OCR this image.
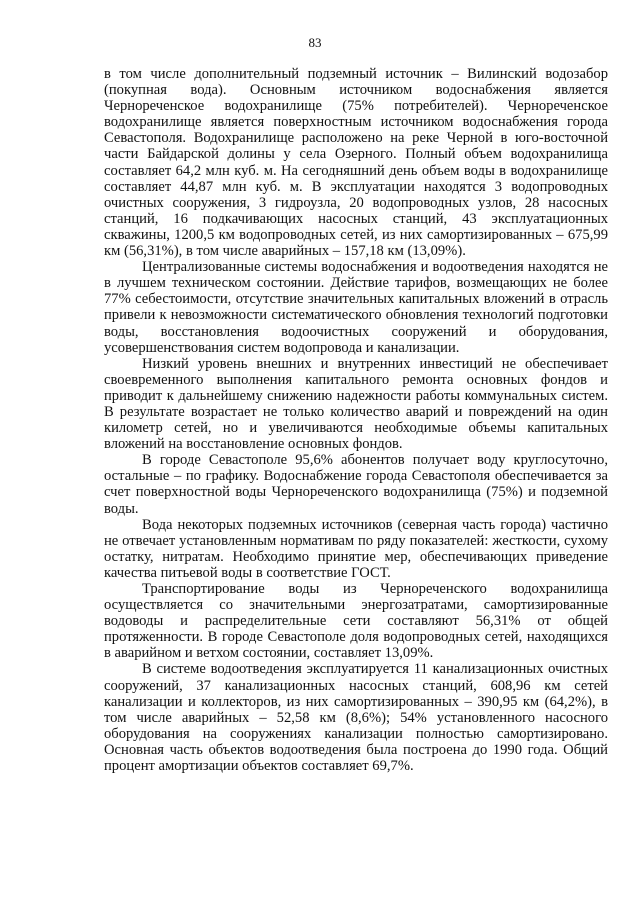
83

в том числе дополнительный подземный источник – Вилинский водозабор (покупная вода). Основным источником водоснабжения является Чернореченское водохранилище (75% потребителей). Чернореченское водохранилище является поверхностным источником водоснабжения города Севастополя. Водохранилище расположено на реке Черной в юго-восточной части Байдарской долины у села Озерного. Полный объем водохранилища составляет 64,2 млн куб. м. На сегодняшний день объем воды в водохранилище составляет 44,87 млн куб. м. В эксплуатации находятся 3 водопроводных очистных сооружения, 3 гидроузла, 20 водопроводных узлов, 28 насосных станций, 16 подкачивающих насосных станций, 43 эксплуатационных скважины, 1200,5 км водопроводных сетей, из них самортизированных – 675,99 км (56,31%), в том числе аварийных – 157,18 км (13,09%).

Централизованные системы водоснабжения и водоотведения находятся не в лучшем техническом состоянии. Действие тарифов, возмещающих не более 77% себестоимости, отсутствие значительных капитальных вложений в отрасль привели к невозможности систематического обновления технологий подготовки воды, восстановления водоочистных сооружений и оборудования, усовершенствования систем водопровода и канализации.

Низкий уровень внешних и внутренних инвестиций не обеспечивает своевременного выполнения капитального ремонта основных фондов и приводит к дальнейшему снижению надежности работы коммунальных систем. В результате возрастает не только количество аварий и повреждений на один километр сетей, но и увеличиваются необходимые объемы капитальных вложений на восстановление основных фондов.

В городе Севастополе 95,6% абонентов получает воду круглосуточно, остальные – по графику. Водоснабжение города Севастополя обеспечивается за счет поверхностной воды Чернореченского водохранилища (75%) и подземной воды.

Вода некоторых подземных источников (северная часть города) частично не отвечает установленным нормативам по ряду показателей: жесткости, сухому остатку, нитратам. Необходимо принятие мер, обеспечивающих приведение качества питьевой воды в соответствие ГОСТ.

Транспортирование воды из Чернореченского водохранилища осуществляется со значительными энергозатратами, самортизированные водоводы и распределительные сети составляют 56,31% от общей протяженности. В городе Севастополе доля водопроводных сетей, находящихся в аварийном и ветхом состоянии, составляет 13,09%.

В системе водоотведения эксплуатируется 11 канализационных очистных сооружений, 37 канализационных насосных станций, 608,96 км сетей канализации и коллекторов, из них самортизированных – 390,95 км (64,2%), в том числе аварийных – 52,58 км (8,6%); 54% установленного насосного оборудования на сооружениях канализации полностью самортизировано. Основная часть объектов водоотведения была построена до 1990 года. Общий процент амортизации объектов составляет 69,7%.
